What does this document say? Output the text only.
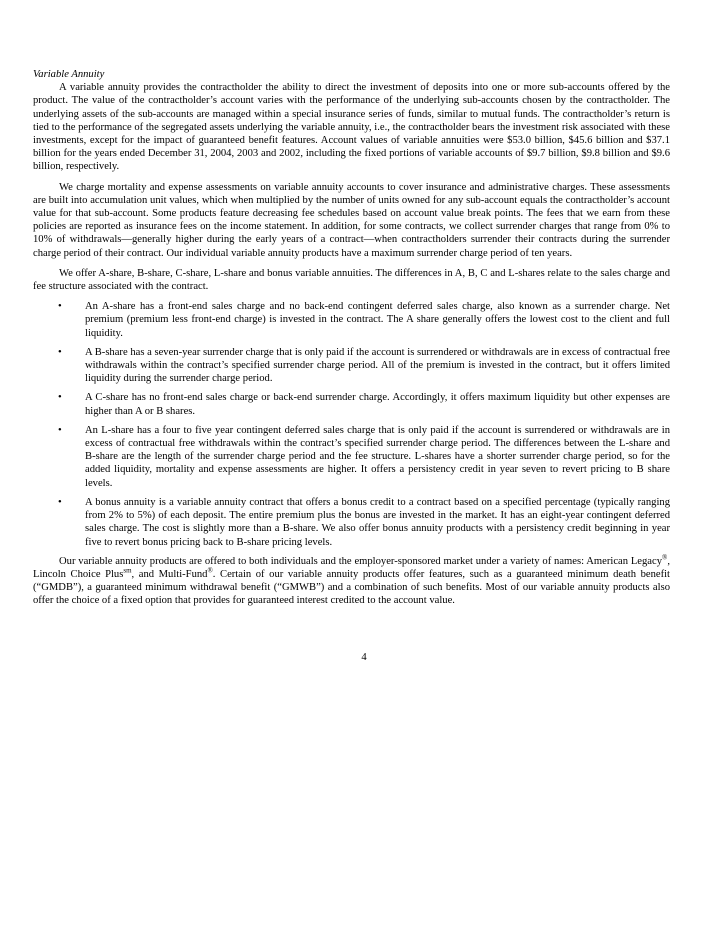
Variable Annuity

A variable annuity provides the contractholder the ability to direct the investment of deposits into one or more sub-accounts offered by the product. The value of the contractholder’s account varies with the performance of the underlying sub-accounts chosen by the contractholder. The underlying assets of the sub-accounts are managed within a special insurance series of funds, similar to mutual funds. The contractholder’s return is tied to the performance of the segregated assets underlying the variable annuity, i.e., the contractholder bears the investment risk associated with these investments, except for the impact of guaranteed benefit features. Account values of variable annuities were $53.0 billion, $45.6 billion and $37.1 billion for the years ended December 31, 2004, 2003 and 2002, including the fixed portions of variable accounts of $9.7 billion, $9.8 billion and $9.6 billion, respectively.

We charge mortality and expense assessments on variable annuity accounts to cover insurance and administrative charges. These assessments are built into accumulation unit values, which when multiplied by the number of units owned for any sub-account equals the contractholder’s account value for that sub-account. Some products feature decreasing fee schedules based on account value break points. The fees that we earn from these policies are reported as insurance fees on the income statement. In addition, for some contracts, we collect surrender charges that range from 0% to 10% of withdrawals—generally higher during the early years of a contract—when contractholders surrender their contracts during the surrender charge period of their contract. Our individual variable annuity products have a maximum surrender charge period of ten years.

We offer A-share, B-share, C-share, L-share and bonus variable annuities. The differences in A, B, C and L-shares relate to the sales charge and fee structure associated with the contract.

• An A-share has a front-end sales charge and no back-end contingent deferred sales charge, also known as a surrender charge. Net premium (premium less front-end charge) is invested in the contract. The A share generally offers the lowest cost to the client and full liquidity.
• A B-share has a seven-year surrender charge that is only paid if the account is surrendered or withdrawals are in excess of contractual free withdrawals within the contract’s specified surrender charge period. All of the premium is invested in the contract, but it offers limited liquidity during the surrender charge period.
• A C-share has no front-end sales charge or back-end surrender charge. Accordingly, it offers maximum liquidity but other expenses are higher than A or B shares.
• An L-share has a four to five year contingent deferred sales charge that is only paid if the account is surrendered or withdrawals are in excess of contractual free withdrawals within the contract’s specified surrender charge period. The differences between the L-share and B-share are the length of the surrender charge period and the fee structure. L-shares have a shorter surrender charge period, so for the added liquidity, mortality and expense assessments are higher. It offers a persistency credit in year seven to revert pricing to B share levels.
• A bonus annuity is a variable annuity contract that offers a bonus credit to a contract based on a specified percentage (typically ranging from 2% to 5%) of each deposit. The entire premium plus the bonus are invested in the market. It has an eight-year contingent deferred sales charge. The cost is slightly more than a B-share. We also offer bonus annuity products with a persistency credit beginning in year five to revert bonus pricing back to B-share pricing levels.

Our variable annuity products are offered to both individuals and the employer-sponsored market under a variety of names: American Legacy®, Lincoln Choice Plus$^{sm}$, and Multi-Fund®. Certain of our variable annuity products offer features, such as a guaranteed minimum death benefit (“GMDB”), a guaranteed minimum withdrawal benefit (“GMWB”) and a combination of such benefits. Most of our variable annuity products also offer the choice of a fixed option that provides for guaranteed interest credited to the account value.

4
